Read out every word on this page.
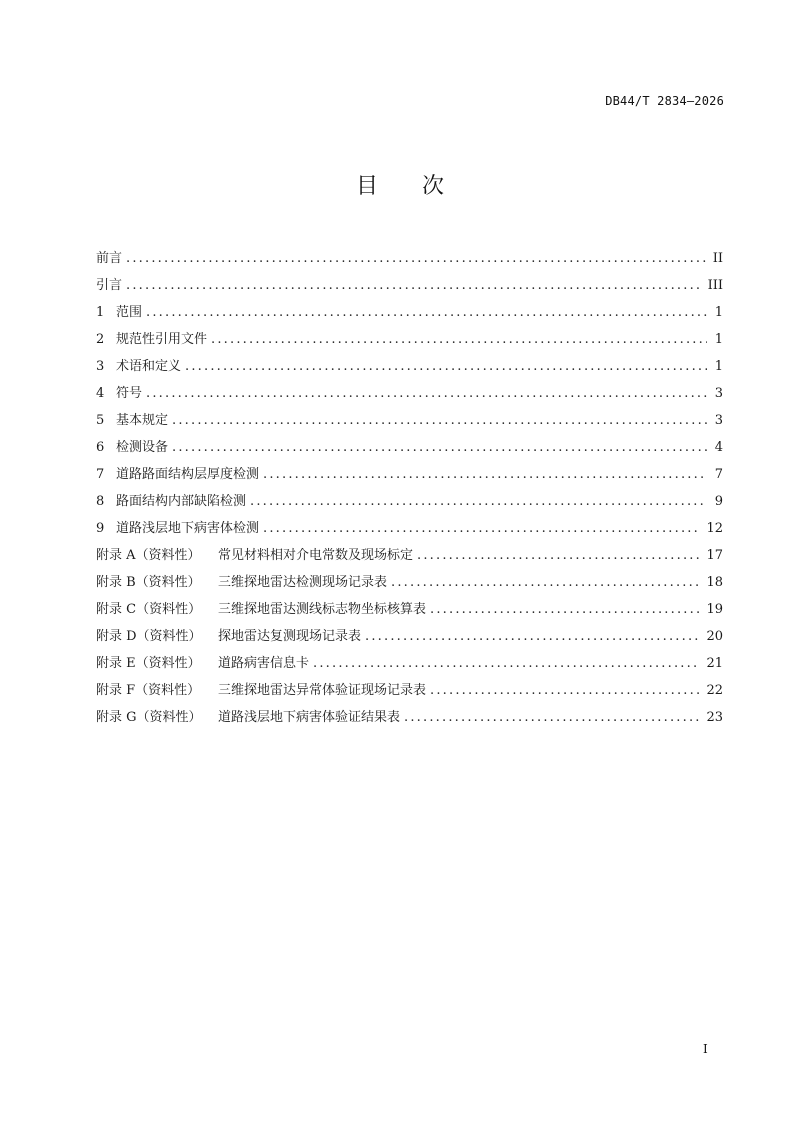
DB44/T 2834—2026
目 次
前言 .....	II
引言 .....	III
1 范围 .....	1
2 规范性引用文件 .....	1
3 术语和定义 .....	1
4 符号 .....	3
5 基本规定 .....	3
6 检测设备 .....	4
7 道路路面结构层厚度检测 .....	7
8 路面结构内部缺陷检测 .....	9
9 道路浅层地下病害体检测 .....	12
附录 A（资料性）	常见材料相对介电常数及现场标定 .....	17
附录 B（资料性）	三维探地雷达检测现场记录表 .....	18
附录 C（资料性）	三维探地雷达测线标志物坐标核算表 .....	19
附录 D（资料性）	探地雷达复测现场记录表 .....	20
附录 E（资料性）	道路病害信息卡 .....	21
附录 F（资料性）	三维探地雷达异常体验证现场记录表 .....	22
附录 G（资料性）	道路浅层地下病害体验证结果表 .....	23
I
